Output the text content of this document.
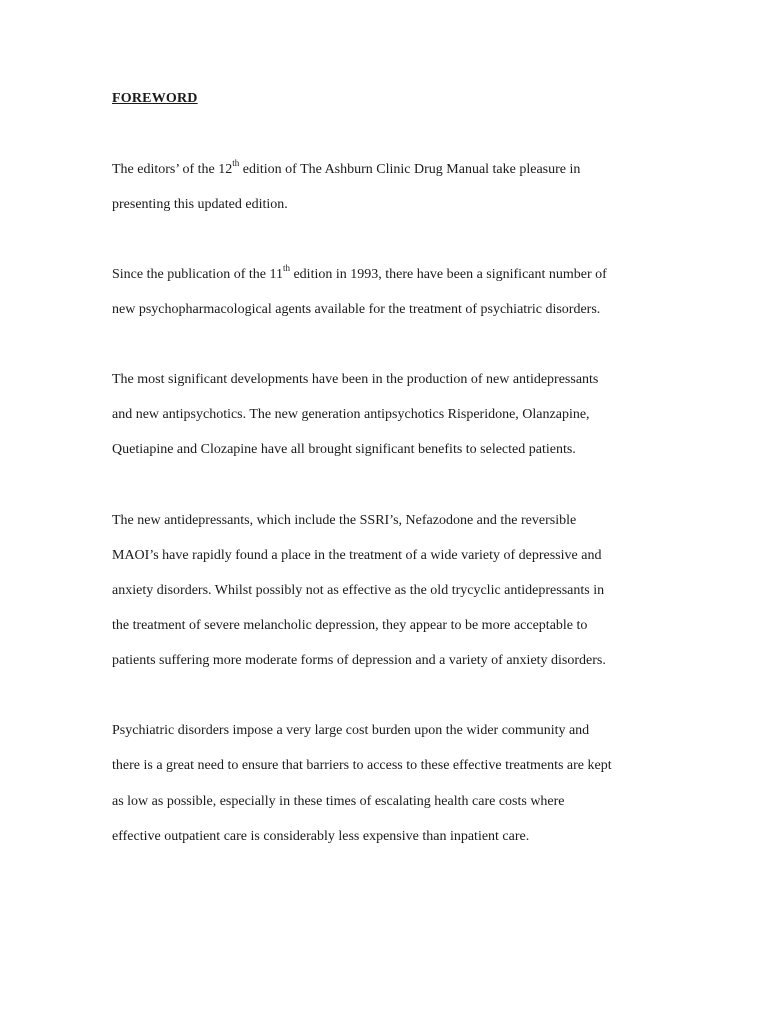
FOREWORD
The editors’ of the 12th edition of The Ashburn Clinic Drug Manual take pleasure in
presenting this updated edition.
Since the publication of the 11th edition in 1993, there have been a significant number of
new psychopharmacological agents available for the treatment of psychiatric disorders.
The most significant developments have been in the production of new antidepressants
and new antipsychotics. The new generation antipsychotics Risperidone, Olanzapine,
Quetiapine and Clozapine have all brought significant benefits to selected patients.
The new antidepressants, which include the SSRI’s, Nefazodone and the reversible
MAOI’s have rapidly found a place in the treatment of a wide variety of depressive and
anxiety disorders. Whilst possibly not as effective as the old trycyclic antidepressants in
the treatment of severe melancholic depression, they appear to be more acceptable to
patients suffering more moderate forms of depression and a variety of anxiety disorders.
Psychiatric disorders impose a very large cost burden upon the wider community and
there is a great need to ensure that barriers to access to these effective treatments are kept
as low as possible, especially in these times of escalating health care costs where
effective outpatient care is considerably less expensive than inpatient care.
